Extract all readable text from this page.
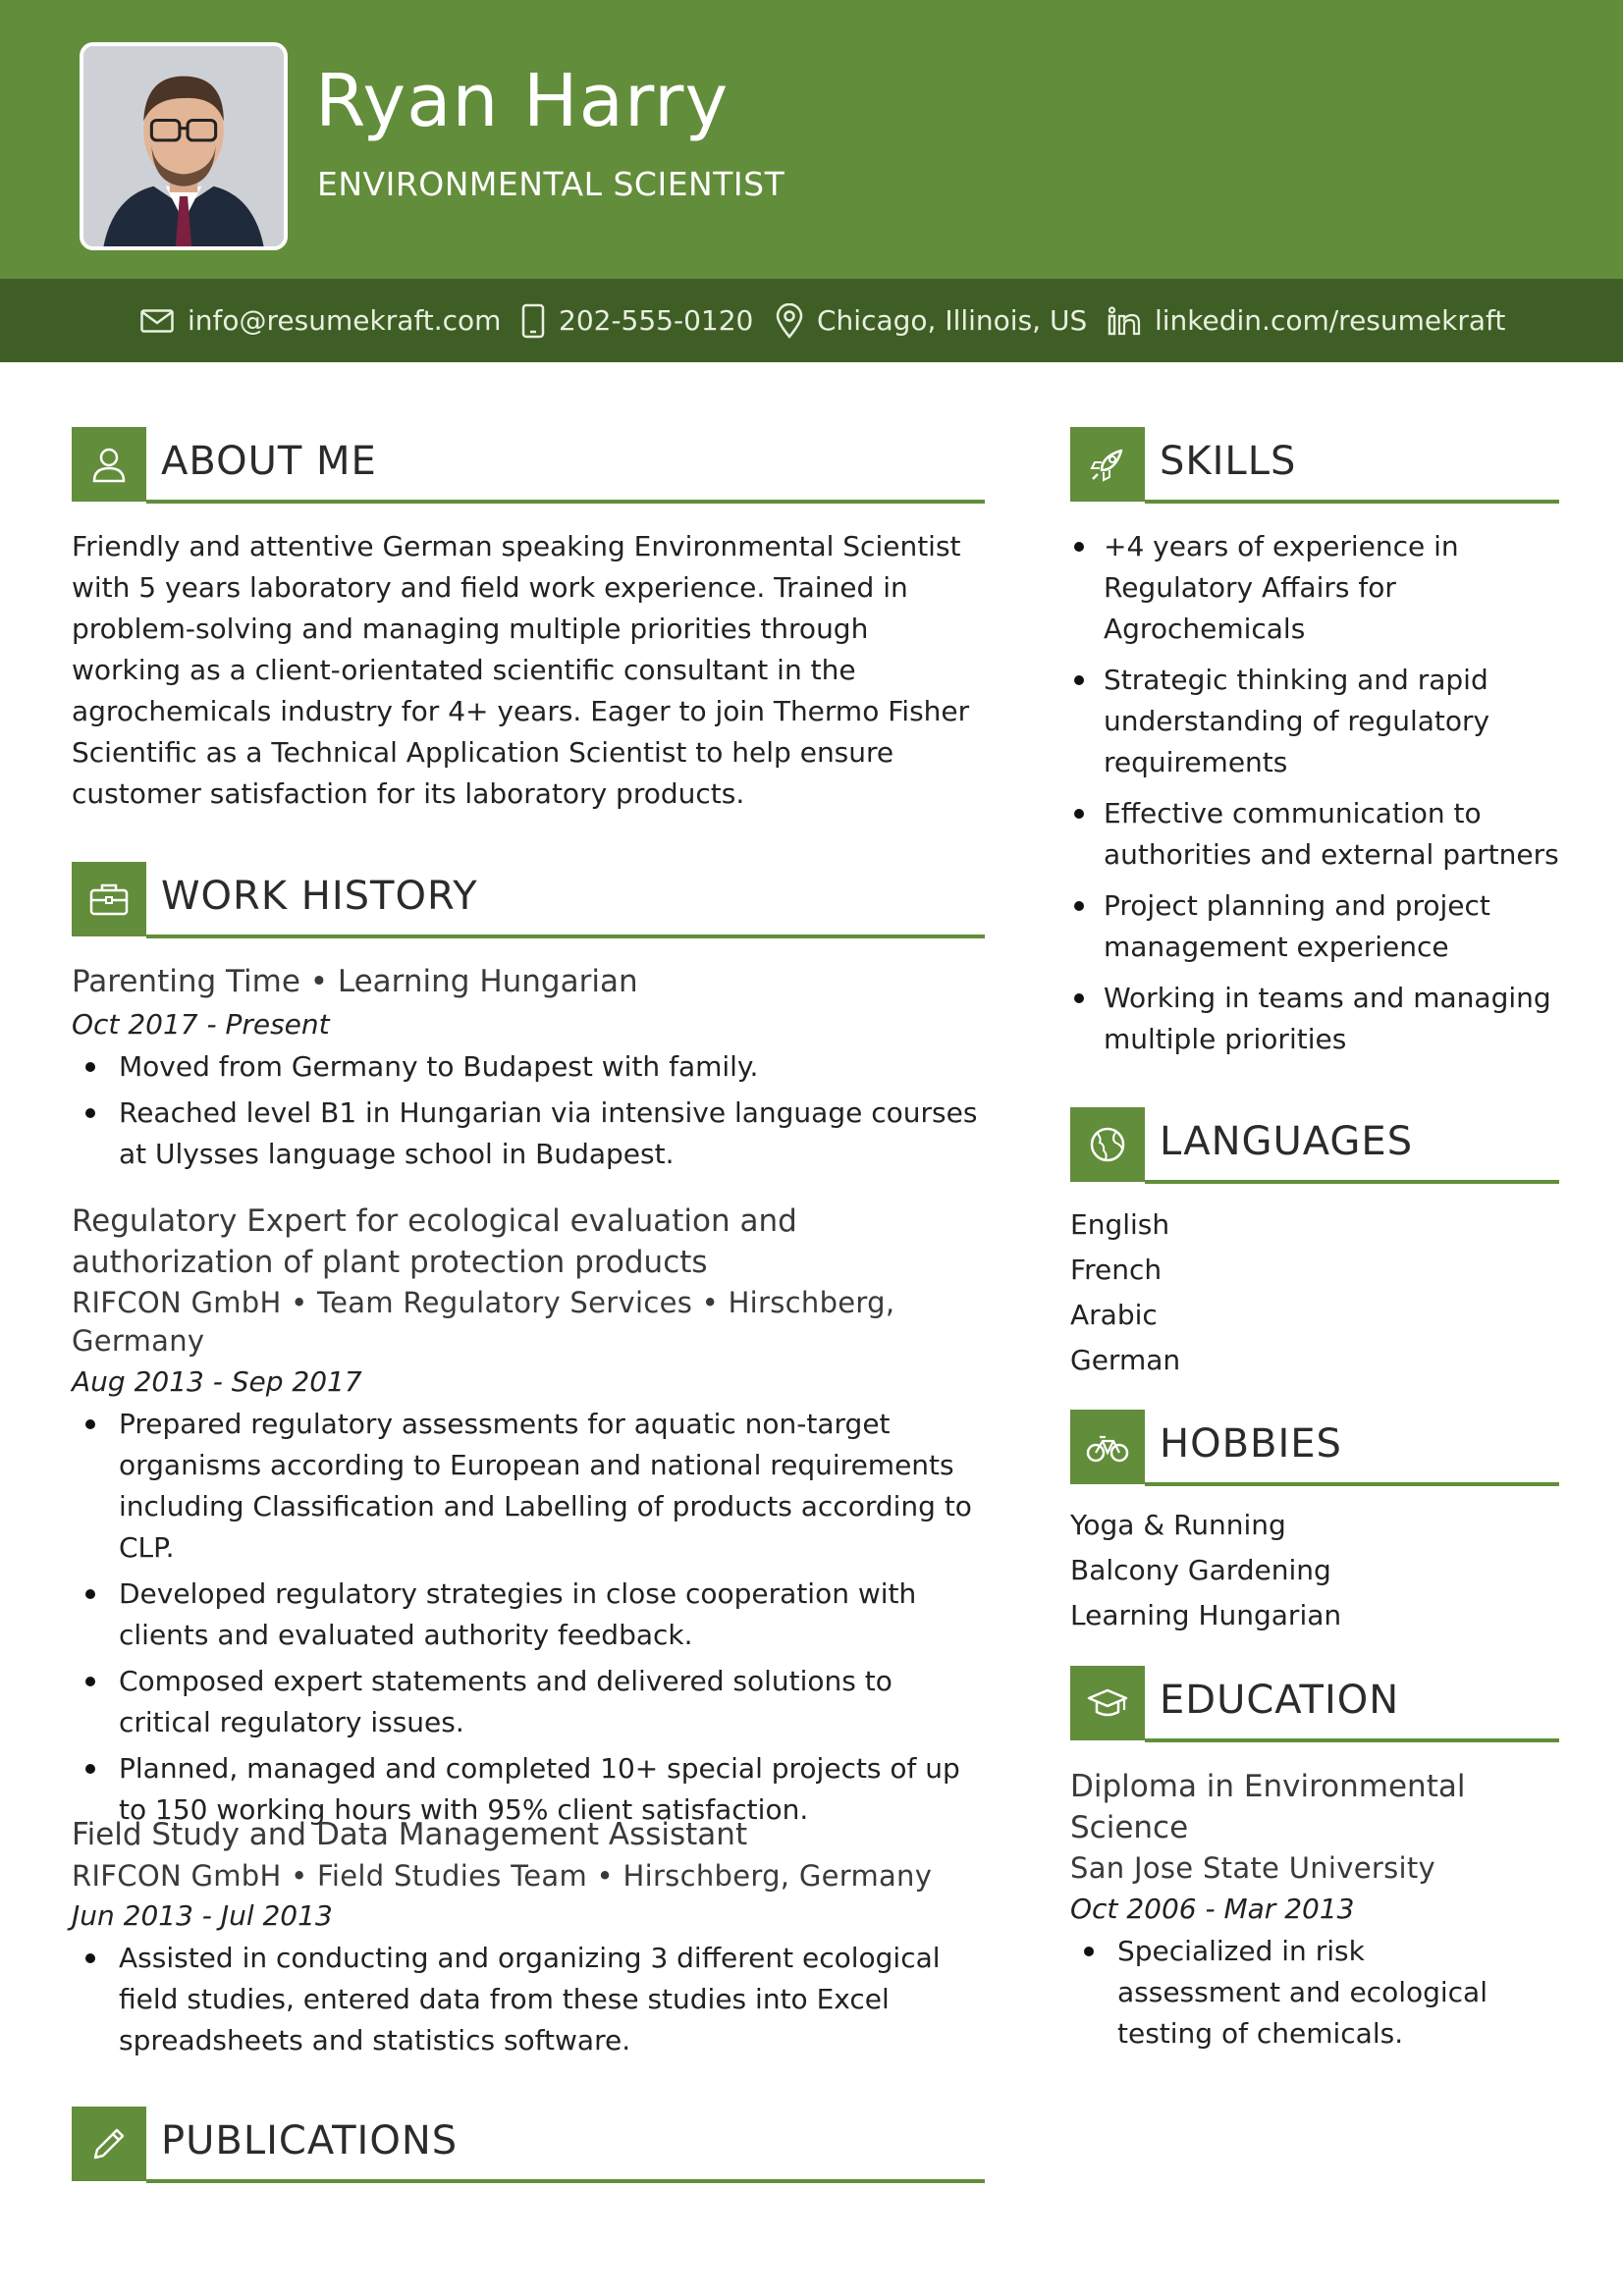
Ryan Harry
ENVIRONMENTAL SCIENTIST
info@resumekraft.com 202-555-0120 Chicago, Illinois, US linkedin.com/resumekraft
ABOUT ME
Friendly and attentive German speaking Environmental Scientist with 5 years laboratory and field work experience. Trained in problem-solving and managing multiple priorities through working as a client-orientated scientific consultant in the agrochemicals industry for 4+ years. Eager to join Thermo Fisher Scientific as a Technical Application Scientist to help ensure customer satisfaction for its laboratory products.
WORK HISTORY
Parenting Time • Learning Hungarian
Oct 2017 - Present
Moved from Germany to Budapest with family.
Reached level B1 in Hungarian via intensive language courses at Ulysses language school in Budapest.
Regulatory Expert for ecological evaluation and authorization of plant protection products
RIFCON GmbH • Team Regulatory Services • Hirschberg, Germany
Aug 2013 - Sep 2017
Prepared regulatory assessments for aquatic non-target organisms according to European and national requirements including Classification and Labelling of products according to CLP.
Developed regulatory strategies in close cooperation with clients and evaluated authority feedback.
Composed expert statements and delivered solutions to critical regulatory issues.
Planned, managed and completed 10+ special projects of up to 150 working hours with 95% client satisfaction.
Field Study and Data Management Assistant
RIFCON GmbH • Field Studies Team • Hirschberg, Germany
Jun 2013 - Jul 2013
Assisted in conducting and organizing 3 different ecological field studies, entered data from these studies into Excel spreadsheets and statistics software.
PUBLICATIONS
SKILLS
+4 years of experience in Regulatory Affairs for Agrochemicals
Strategic thinking and rapid understanding of regulatory requirements
Effective communication to authorities and external partners
Project planning and project management experience
Working in teams and managing multiple priorities
LANGUAGES
English
French
Arabic
German
HOBBIES
Yoga & Running
Balcony Gardening
Learning Hungarian
EDUCATION
Diploma in Environmental Science
San Jose State University
Oct 2006 - Mar 2013
Specialized in risk assessment and ecological testing of chemicals.
